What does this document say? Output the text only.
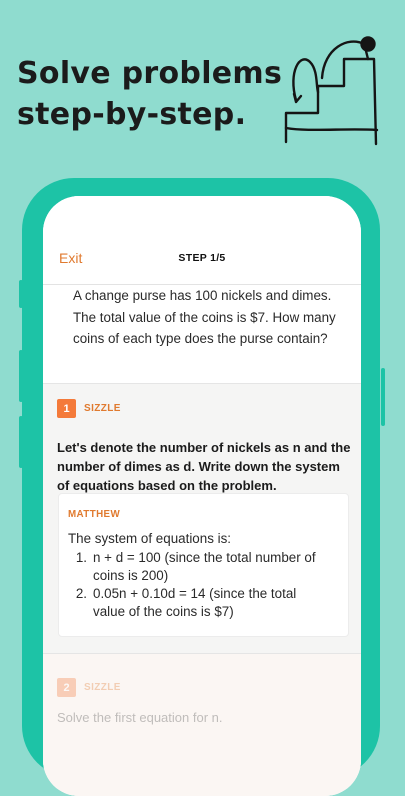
Solve problems
step-by-step.
Exit	STEP 1/5

A change purse has 100 nickels and dimes. The total value of the coins is $7. How many coins of each type does the purse contain?

1	SIZZLE

Let's denote the number of nickels as n and the number of dimes as d. Write down the system of equations based on the problem.

MATTHEW
The system of equations is:
1. n + d = 100 (since the total number of coins is 200)
2. 0.05n + 0.10d = 14 (since the total value of the coins is $7)
2	SIZZLE
Solve the first equation for n.
